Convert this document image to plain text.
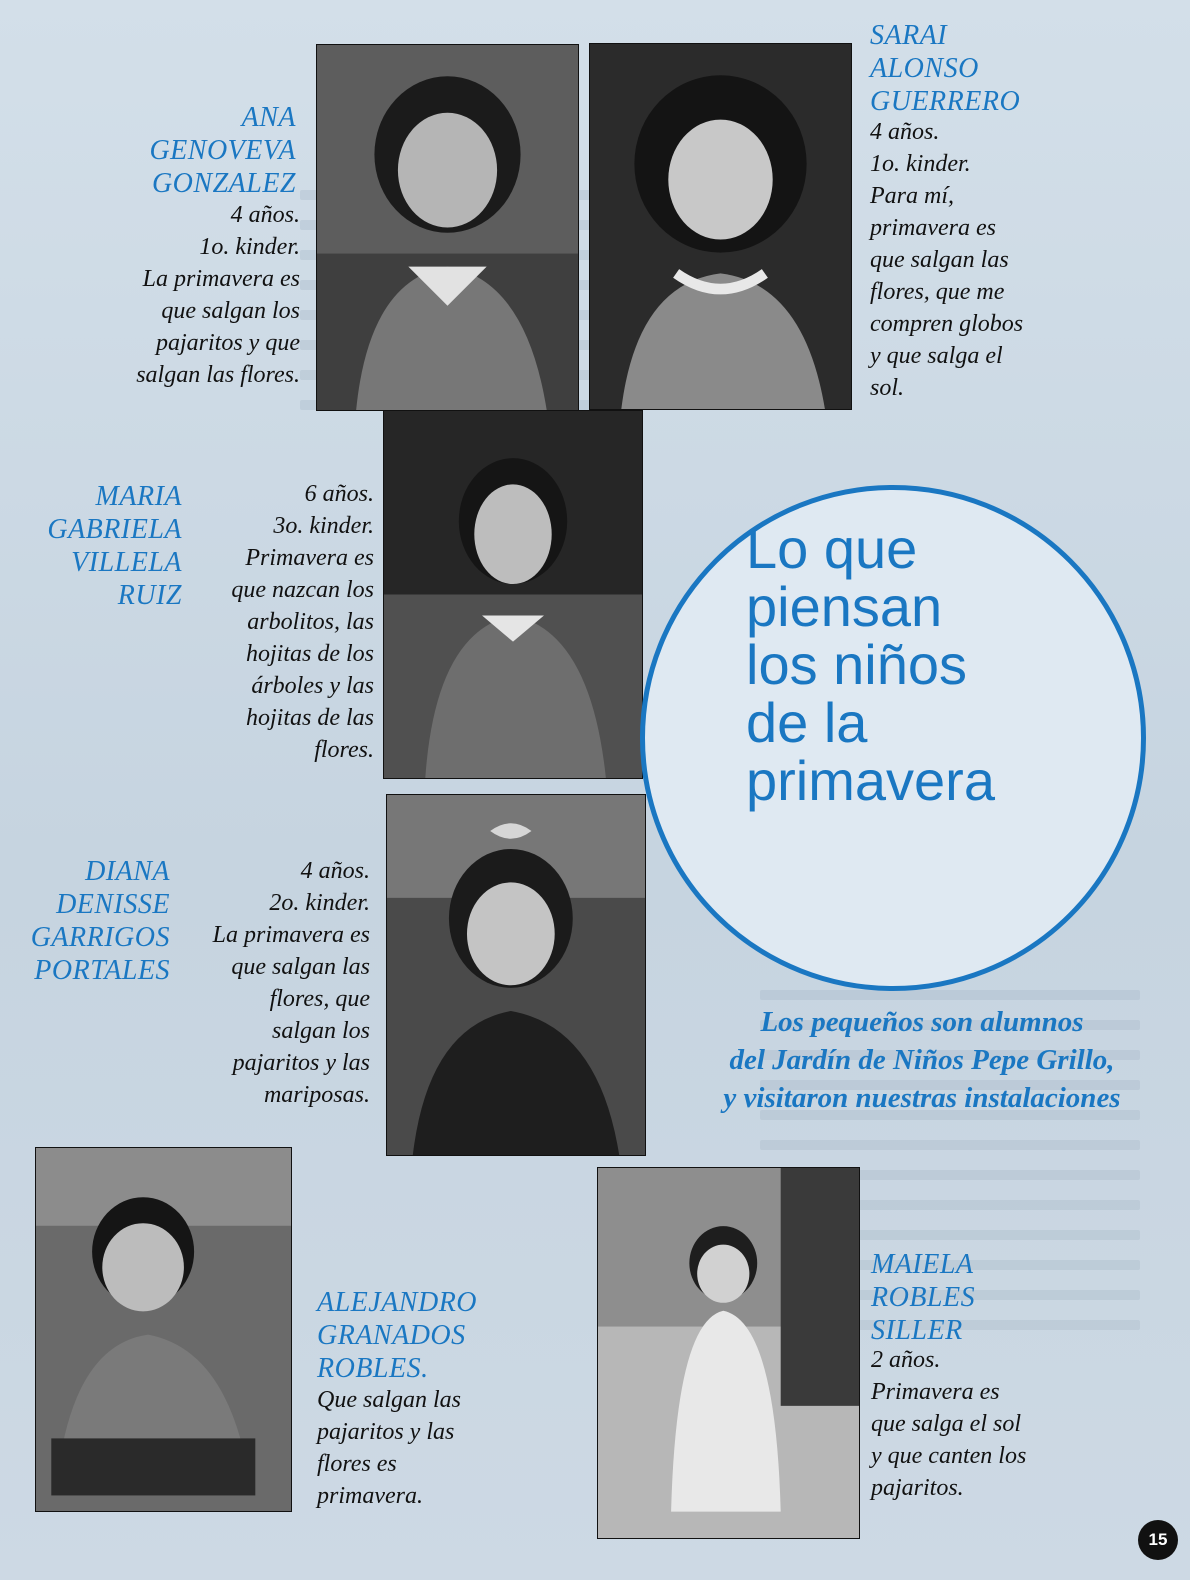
ANA
GENOVEVA
GONZALEZ
4 años.
1o. kinder.
La primavera es
que salgan los
pajaritos y que
salgan las flores.
SARAI
ALONSO
GUERRERO
4 años.
1o. kinder.
Para mí,
primavera es
que salgan las
flores, que me
compren globos
y que salga el
sol.
MARIA
GABRIELA
VILLELA
RUIZ
6 años.
3o. kinder.
Primavera es
que nazcan los
arbolitos, las
hojitas de los
árboles y las
hojitas de las
flores.
DIANA
DENISSE
GARRIGOS
PORTALES
4 años.
2o. kinder.
La primavera es
que salgan las
flores, que
salgan los
pajaritos y las
mariposas.
ALEJANDRO
GRANADOS
ROBLES.
Que salgan las
pajaritos y las
flores es
primavera.
MAIELA
ROBLES
SILLER
2 años.
Primavera es
que salga el sol
y que canten los
pajaritos.
Lo que
piensan
los niños
de la
primavera
Los pequeños son alumnos
del Jardín de Niños Pepe Grillo,
y visitaron nuestras instalaciones
15
